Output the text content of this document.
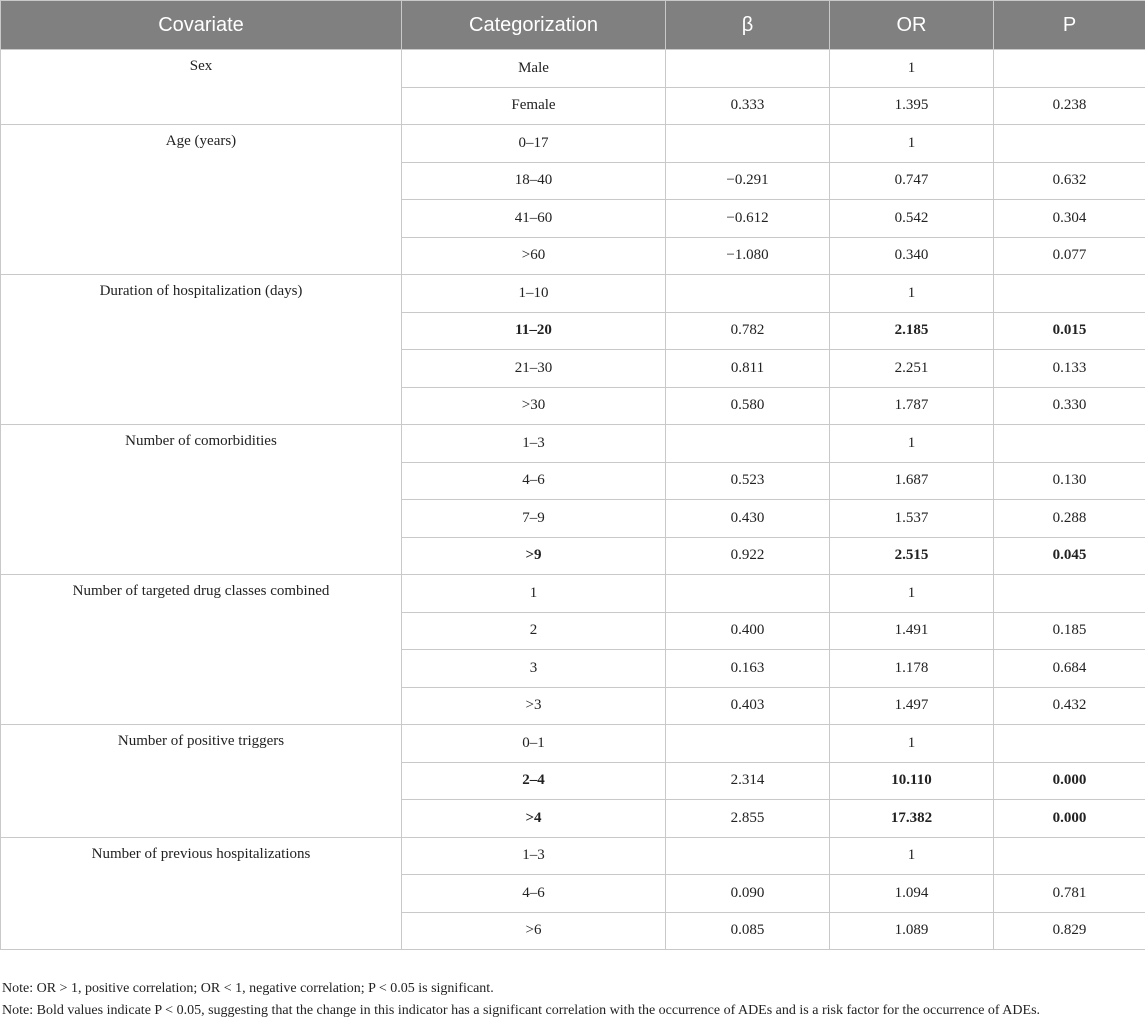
Covariate	Categorization	β	OR	P
Sex	Male		1	
	Female	0.333	1.395	0.238
Age (years)	0–17		1	
	18–40	−0.291	0.747	0.632
	41–60	−0.612	0.542	0.304
	>60	−1.080	0.340	0.077
Duration of hospitalization (days)	1–10		1	
	11–20	0.782	2.185	0.015
	21–30	0.811	2.251	0.133
	>30	0.580	1.787	0.330
Number of comorbidities	1–3		1	
	4–6	0.523	1.687	0.130
	7–9	0.430	1.537	0.288
	>9	0.922	2.515	0.045
Number of targeted drug classes combined	1		1	
	2	0.400	1.491	0.185
	3	0.163	1.178	0.684
	>3	0.403	1.497	0.432
Number of positive triggers	0–1		1	
	2–4	2.314	10.110	0.000
	>4	2.855	17.382	0.000
Number of previous hospitalizations	1–3		1	
	4–6	0.090	1.094	0.781
	>6	0.085	1.089	0.829
Note: OR > 1, positive correlation; OR < 1, negative correlation; P < 0.05 is significant.
Note: Bold values indicate P < 0.05, suggesting that the change in this indicator has a significant correlation with the occurrence of ADEs and is a risk factor for the occurrence of ADEs.
